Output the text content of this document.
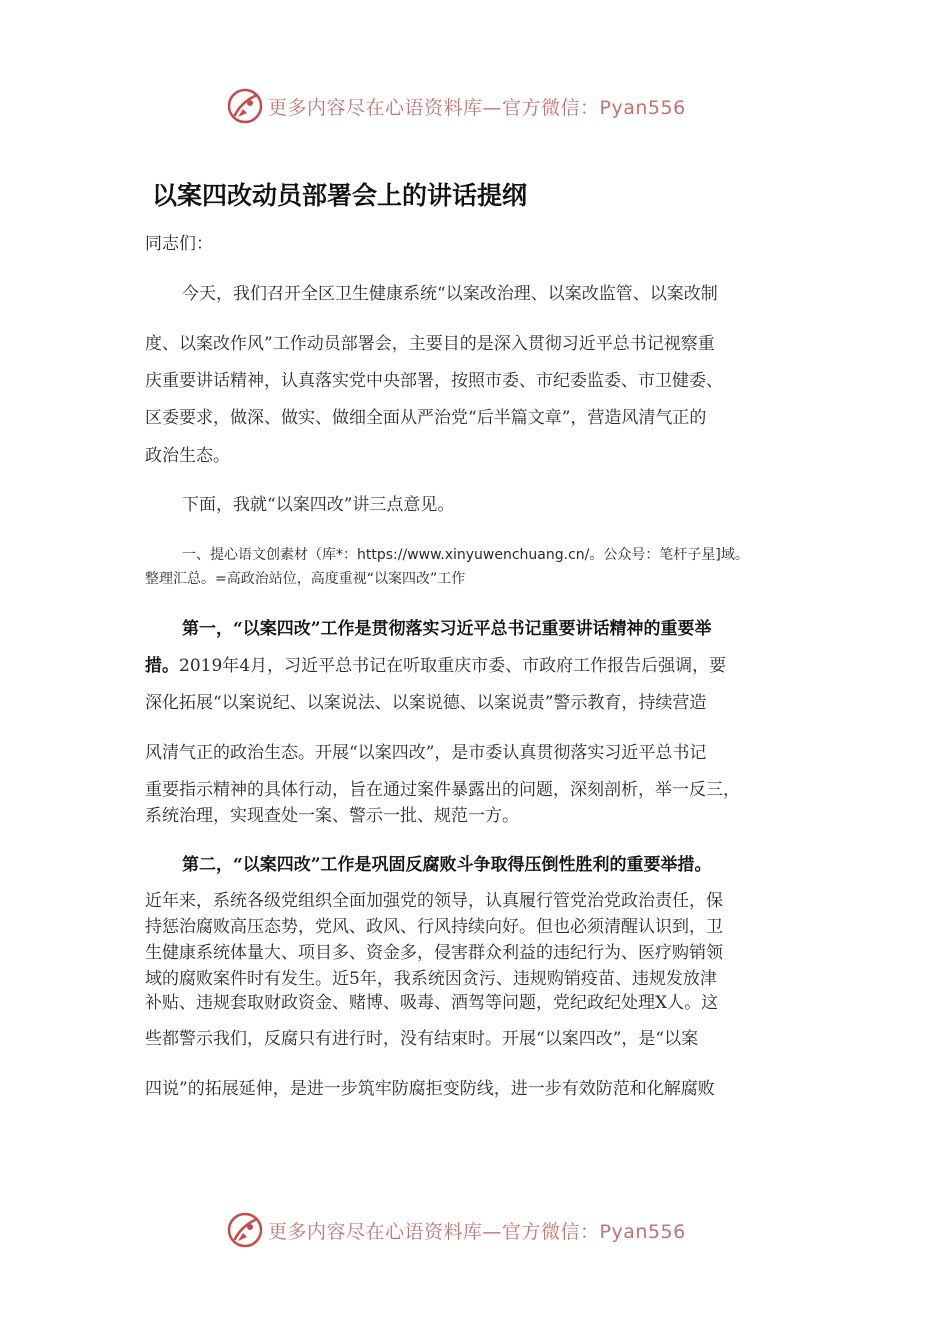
更多内容尽在心语资料库—官方微信：Pyan556
以案四改动员部署会上的讲话提纲
同志们：
今天，我们召开全区卫生健康系统“以案改治理、以案改监管、以案改制
度、以案改作风”工作动员部署会，主要目的是深入贯彻习近平总书记视察重
庆重要讲话精神，认真落实党中央部署，按照市委、市纪委监委、市卫健委、
区委要求，做深、做实、做细全面从严治党“后半篇文章”，营造风清气正的
政治生态。
下面，我就“以案四改”讲三点意见。
一、提心语文创素材（库*：https://www.xinyuwenchuang.cn/。公众号：笔杆子星]域。
整理汇总。=高政治站位，高度重视“以案四改”工作
第一，“以案四改”工作是贯彻落实习近平总书记重要讲话精神的重要举
措。2019年4月，习近平总书记在听取重庆市委、市政府工作报告后强调，要
深化拓展“以案说纪、以案说法、以案说德、以案说责”警示教育，持续营造
风清气正的政治生态。开展“以案四改”，是市委认真贯彻落实习近平总书记
重要指示精神的具体行动，旨在通过案件暴露出的问题，深刻剖析，举一反三，
系统治理，实现查处一案、警示一批、规范一方。
第二，“以案四改”工作是巩固反腐败斗争取得压倒性胜利的重要举措。
近年来，系统各级党组织全面加强党的领导，认真履行管党治党政治责任，保
持惩治腐败高压态势，党风、政风、行风持续向好。但也必须清醒认识到，卫
生健康系统体量大、项目多、资金多，侵害群众利益的违纪行为、医疗购销领
域的腐败案件时有发生。近5年，我系统因贪污、违规购销疫苗、违规发放津
补贴、违规套取财政资金、赌博、吸毒、酒驾等问题，党纪政纪处理X人。这
些都警示我们，反腐只有进行时，没有结束时。开展“以案四改”，是“以案
四说”的拓展延伸，是进一步筑牢防腐拒变防线，进一步有效防范和化解腐败
更多内容尽在心语资料库—官方微信：Pyan556
